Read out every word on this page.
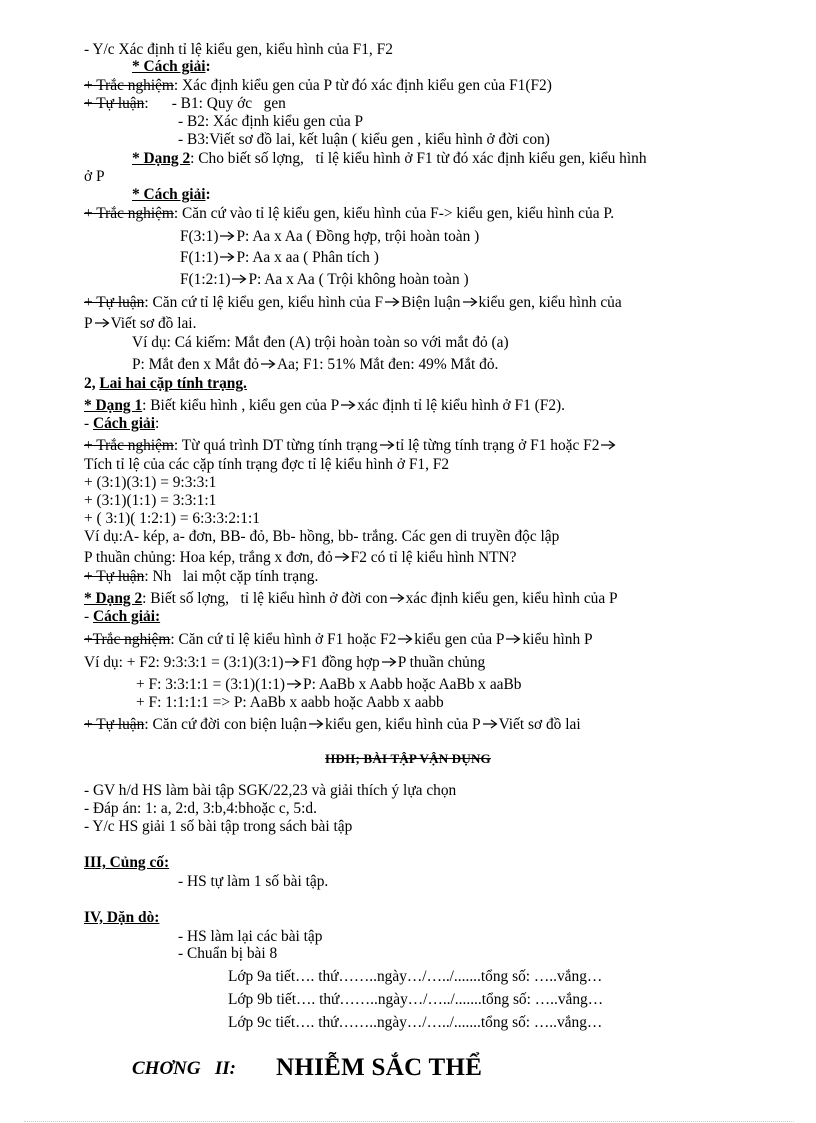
- Y/c Xác định tỉ lệ kiểu gen, kiểu hình của F1, F2
* Cách giải:
+ Trắc nghiệm: Xác định kiểu gen của P từ đó xác định kiểu gen của F1(F2)
+ Tự luận:      - B1: Quy ớc   gen
- B2: Xác định kiểu gen của P
- B3:Viết sơ đồ lai, kết luận ( kiểu gen , kiểu hình ở đời con)
* Dạng 2: Cho biết số lợng,   tỉ lệ kiểu hình ở F1 từ đó xác định kiểu gen, kiểu hình
ở P
* Cách giải:
+ Trắc nghiệm: Căn cứ vào tỉ lệ kiểu gen, kiểu hình của F-> kiểu gen, kiểu hình của P.
F(3:1) P: Aa x Aa ( Đồng hợp, trội hoàn toàn )
F(1:1) P: Aa x aa ( Phân tích )
F(1:2:1) P: Aa x Aa ( Trội không hoàn toàn )
+ Tự luận: Căn cứ tỉ lệ kiểu gen, kiểu hình của F Biện luận kiểu gen, kiểu hình của
P Viết sơ đồ lai.
Ví dụ: Cá kiếm: Mắt đen (A) trội hoàn toàn so với mắt đỏ (a)
P: Mắt đen x Mắt đỏ Aa; F1: 51% Mắt đen: 49% Mắt đỏ.
2, Lai hai cặp tính trạng.
* Dạng 1: Biết kiểu hình , kiểu gen của P xác định tỉ lệ kiểu hình ở F1 (F2).
- Cách giải:
+ Trắc nghiệm: Từ quá trình DT từng tính trạng tỉ lệ từng tính trạng ở F1 hoặc F2
Tích tỉ lệ của các cặp tính trạng đợc tỉ lệ kiểu hình ở F1, F2
+ (3:1)(3:1) = 9:3:3:1
+ (3:1)(1:1) = 3:3:1:1
+ ( 3:1)( 1:2:1) = 6:3:3:2:1:1
Ví dụ:A- kép, a- đơn, BB- đỏ, Bb- hồng, bb- trắng. Các gen di truyền độc lập
P thuần chủng: Hoa kép, trắng x đơn, đỏ F2 có tỉ lệ kiểu hình NTN?
+ Tự luận: Nh   lai một cặp tính trạng.
* Dạng 2: Biết số lợng,   tỉ lệ kiểu hình ở đời con xác định kiểu gen, kiểu hình của P
- Cách giải:
+Trắc nghiệm: Căn cứ tỉ lệ kiểu hình ở F1 hoặc F2 kiểu gen của P kiểu hình P
Ví dụ: + F2: 9:3:3:1 = (3:1)(3:1) F1 đồng hợp P thuần chủng
+ F: 3:3:1:1 = (3:1)(1:1) P: AaBb x Aabb hoặc AaBb x aaBb
+ F: 1:1:1:1 => P: AaBb x aabb hoặc Aabb x aabb
+ Tự luận: Căn cứ đời con biện luận kiểu gen, kiểu hình của P Viết sơ đồ lai
HĐII; BÀI TẬP VẬN DỤNG
- GV h/d HS làm bài tập SGK/22,23 và giải thích ý lựa chọn
- Đáp án: 1: a, 2:d, 3:b,4:bhoặc c, 5:d.
- Y/c HS giải 1 số bài tập trong sách bài tập
III, Củng cố:
- HS tự làm 1 số bài tập.
IV, Dặn dò:
- HS làm lại các bài tập
- Chuẩn bị bài 8
Lớp 9a tiết…. thứ……..ngày…/…../.......tổng số: …..vắng…
Lớp 9b tiết…. thứ……..ngày…/…../.......tổng số: …..vắng…
Lớp 9c tiết…. thứ……..ngày…/…../.......tổng số: …..vắng…
CHƠNG   II: NHIỄM SẮC THỂ
